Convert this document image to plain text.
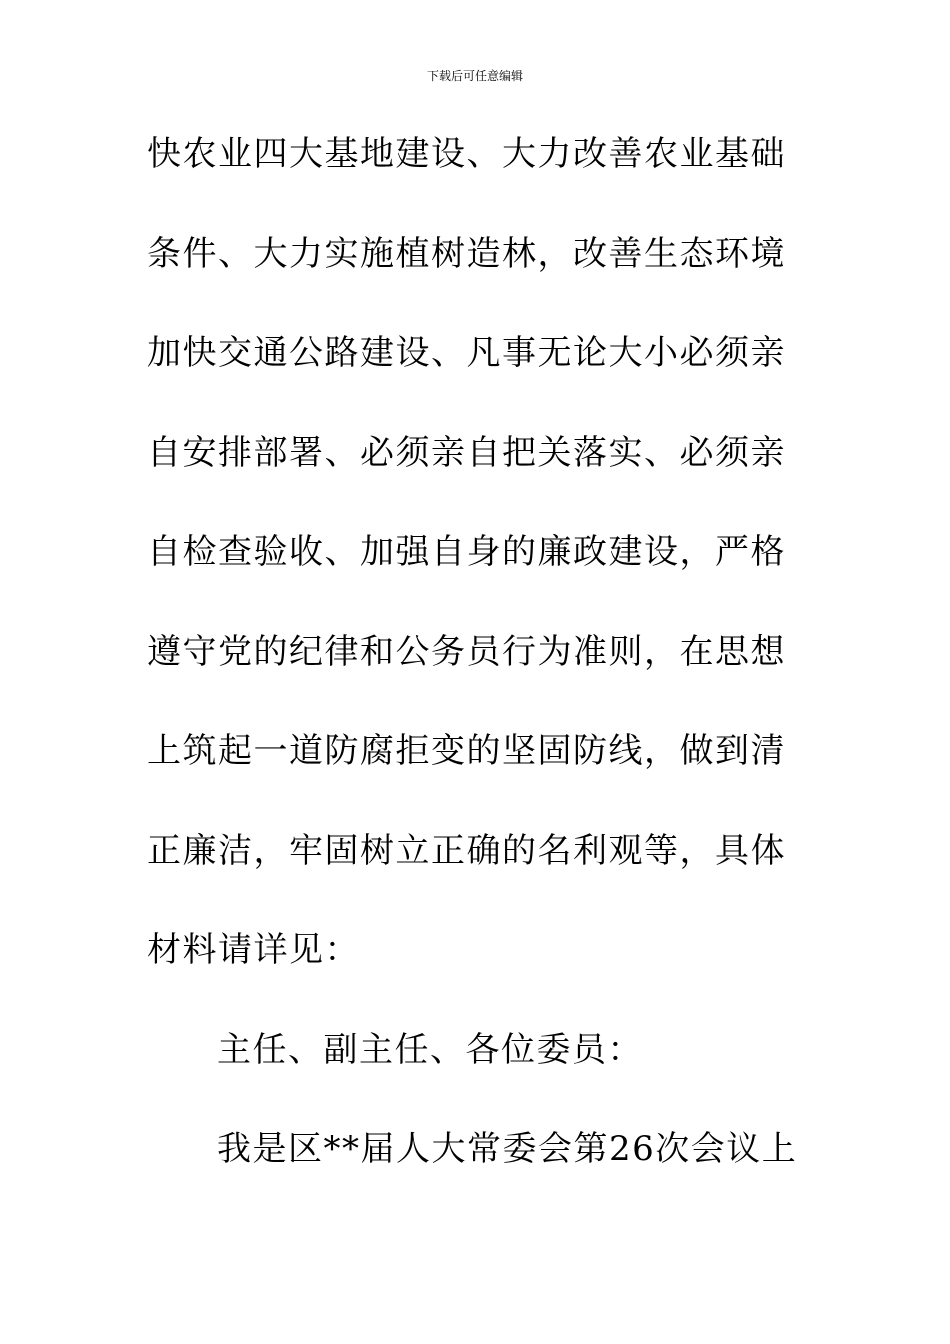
下载后可任意编辑
快农业四大基地建设、大力改善农业基础
条件、大力实施植树造林，改善生态环境
加快交通公路建设、凡事无论大小必须亲
自安排部署、必须亲自把关落实、必须亲
自检查验收、加强自身的廉政建设，严格
遵守党的纪律和公务员行为准则，在思想
上筑起一道防腐拒变的坚固防线，做到清
正廉洁，牢固树立正确的名利观等，具体
材料请详见：
主任、副主任、各位委员：
我是区**届人大常委会第26次会议上
